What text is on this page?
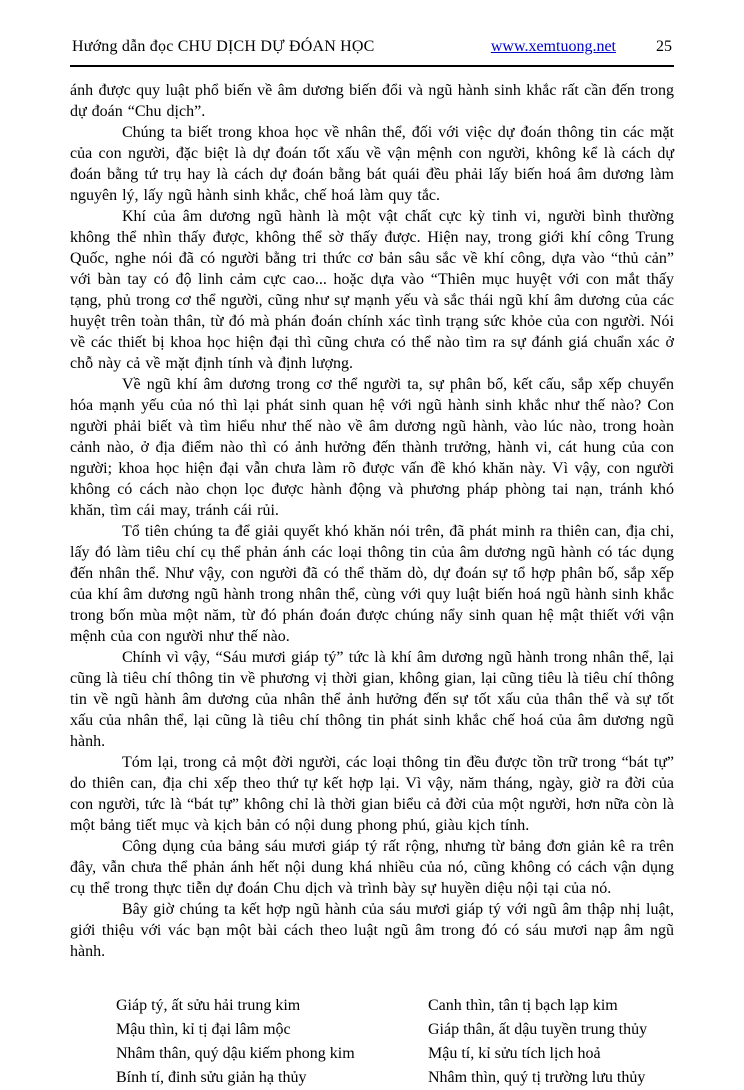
Hướng dẫn đọc CHU DỊCH DỰ ĐÓAN HỌC	www.xemtuong.net	25

ánh được quy luật phổ biến về âm dương biến đổi và ngũ hành sinh khắc rất cần đến trong dự đoán “Chu dịch”.

Chúng ta biết trong khoa học về nhân thể, đối với việc dự đoán thông tin các mặt của con người, đặc biệt là dự đoán tốt xấu về vận mệnh con người, không kể là cách dự đoán bằng tứ trụ hay là cách dự đoán bằng bát quái đều phải lấy biến hoá âm dương làm nguyên lý, lấy ngũ hành sinh khắc, chế hoá làm quy tắc.

Khí của âm dương ngũ hành là một vật chất cực kỳ tinh vi, người bình thường không thể nhìn thấy được, không thể sờ thấy được. Hiện nay, trong giới khí công Trung Quốc, nghe nói đã có người bằng tri thức cơ bản sâu sắc về khí công, dựa vào “thủ cản” với bàn tay có độ linh cảm cực cao... hoặc dựa vào “Thiên mục huyệt với con mắt thấy tạng, phủ trong cơ thể người, cũng như sự mạnh yếu và sắc thái ngũ khí âm dương của các huyệt trên toàn thân, từ đó mà phán đoán chính xác tình trạng sức khỏe của con người. Nói về các thiết bị khoa học hiện đại thì cũng chưa có thể nào tìm ra sự đánh giá chuẩn xác ở chỗ này cả về mặt định tính và định lượng.

Về ngũ khí âm dương trong cơ thể người ta, sự phân bố, kết cấu, sắp xếp chuyển hóa mạnh yếu của nó thì lại phát sinh quan hệ với ngũ hành sinh khắc như thế nào? Con người phải biết và tìm hiểu như thế nào về âm dương ngũ hành, vào lúc nào, trong hoàn cảnh nào, ở địa điểm nào thì có ảnh hưởng đến thành trưởng, hành vi, cát hung của con người; khoa học hiện đại vẫn chưa làm rõ được vấn đề khó khăn này. Vì vậy, con người không có cách nào chọn lọc được hành động và phương pháp phòng tai nạn, tránh khó khăn, tìm cái may, tránh cái rủi.

Tổ tiên chúng ta để giải quyết khó khăn nói trên, đã phát minh ra thiên can, địa chi, lấy đó làm tiêu chí cụ thể phản ánh các loại thông tin của âm dương ngũ hành có tác dụng đến nhân thể. Như vậy, con người đã có thể thăm dò, dự đoán sự tổ hợp phân bố, sắp xếp của khí âm dương ngũ hành trong nhân thể, cùng với quy luật biến hoá ngũ hành sinh khắc trong bốn mùa một năm, từ đó phán đoán được chúng nẩy sinh quan hệ mật thiết với vận mệnh của con người như thế nào.

Chính vì vậy, “Sáu mươi giáp tý” tức là khí âm dương ngũ hành trong nhân thể, lại cũng là tiêu chí thông tin về phương vị thời gian, không gian, lại cũng tiêu là tiêu chí thông tin về ngũ hành âm dương của nhân thể ảnh hưởng đến sự tốt xấu của thân thể và sự tốt xấu của nhân thể, lại cũng là tiêu chí thông tin phát sinh khắc chế hoá của âm dương ngũ hành.

Tóm lại, trong cả một đời người, các loại thông tin đều được tồn trữ trong “bát tự” do thiên can, địa chi xếp theo thứ tự kết hợp lại. Vì vậy, năm tháng, ngày, giờ ra đời của con người, tức là “bát tự” không chỉ là thời gian biểu cả đời của một người, hơn nữa còn là một bảng tiết mục và kịch bản có nội dung phong phú, giàu kịch tính.

Công dụng của bảng sáu mươi giáp tý rất rộng, nhưng từ bảng đơn giản kê ra trên đây, vẫn chưa thể phản ánh hết nội dung khá nhiều của nó, cũng không có cách vận dụng cụ thể trong thực tiễn dự đoán Chu dịch và trình bày sự huyền diệu nội tại của nó.

Bây giờ chúng ta kết hợp ngũ hành của sáu mươi giáp tý với ngũ âm thập nhị luật, giới thiệu với vác bạn một bài cách theo luật ngũ âm trong đó có sáu mươi nạp âm ngũ hành.

Giáp tý, ất sửu hải trung kim
Mậu thìn, kỉ tị đại lâm mộc
Nhâm thân, quý dậu kiếm phong kim
Bính tí, đinh sửu giản hạ thủy
Canh thìn, tân tị bạch lạp kim
Giáp thân, ất dậu tuyền trung thủy
Mậu tí, kỉ sửu tích lịch hoả
Nhâm thìn, quý tị trường lưu thủy
